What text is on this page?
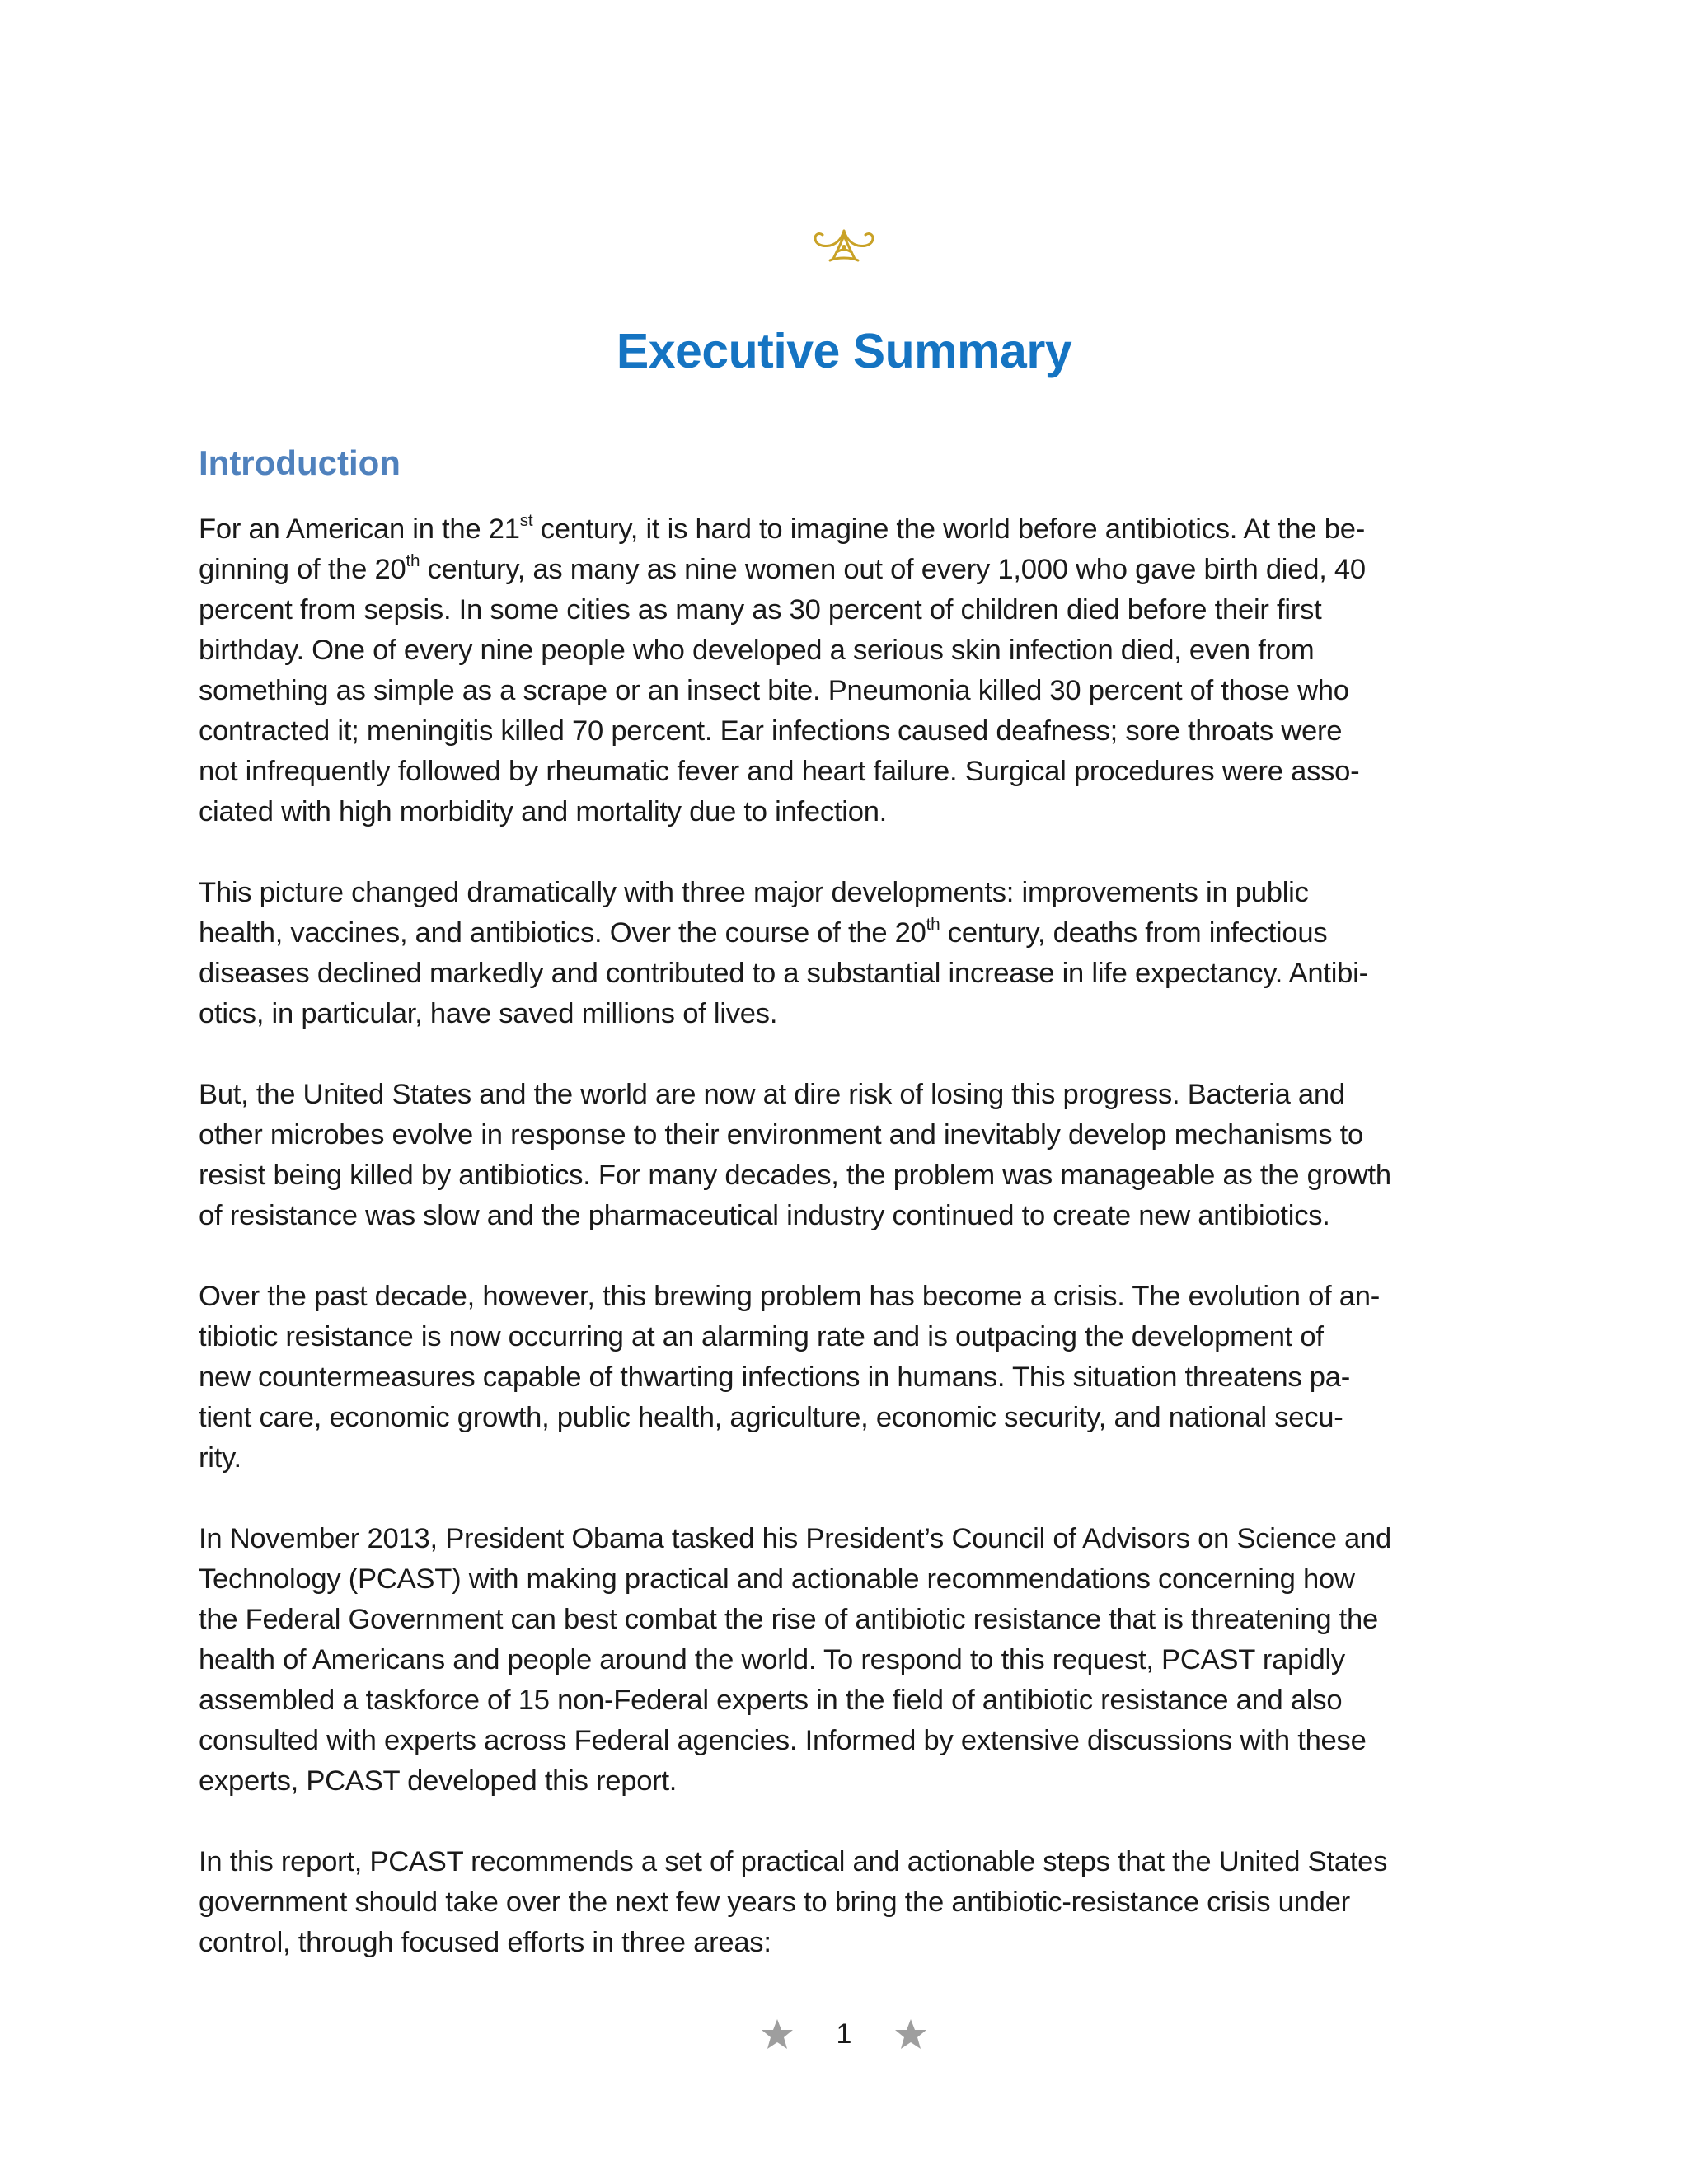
Executive Summary
Introduction
For an American in the 21st century, it is hard to imagine the world before antibiotics. At the be-
ginning of the 20th century, as many as nine women out of every 1,000 who gave birth died, 40
percent from sepsis. In some cities as many as 30 percent of children died before their first
birthday. One of every nine people who developed a serious skin infection died, even from
something as simple as a scrape or an insect bite. Pneumonia killed 30 percent of those who
contracted it; meningitis killed 70 percent. Ear infections caused deafness; sore throats were
not infrequently followed by rheumatic fever and heart failure. Surgical procedures were asso-
ciated with high morbidity and mortality due to infection.
This picture changed dramatically with three major developments: improvements in public
health, vaccines, and antibiotics. Over the course of the 20th century, deaths from infectious
diseases declined markedly and contributed to a substantial increase in life expectancy. Antibi-
otics, in particular, have saved millions of lives.
But, the United States and the world are now at dire risk of losing this progress. Bacteria and
other microbes evolve in response to their environment and inevitably develop mechanisms to
resist being killed by antibiotics. For many decades, the problem was manageable as the growth
of resistance was slow and the pharmaceutical industry continued to create new antibiotics.
Over the past decade, however, this brewing problem has become a crisis. The evolution of an-
tibiotic resistance is now occurring at an alarming rate and is outpacing the development of
new countermeasures capable of thwarting infections in humans. This situation threatens pa-
tient care, economic growth, public health, agriculture, economic security, and national secu-
rity.
In November 2013, President Obama tasked his President’s Council of Advisors on Science and
Technology (PCAST) with making practical and actionable recommendations concerning how
the Federal Government can best combat the rise of antibiotic resistance that is threatening the
health of Americans and people around the world. To respond to this request, PCAST rapidly
assembled a taskforce of 15 non-Federal experts in the field of antibiotic resistance and also
consulted with experts across Federal agencies. Informed by extensive discussions with these
experts, PCAST developed this report.
In this report, PCAST recommends a set of practical and actionable steps that the United States
government should take over the next few years to bring the antibiotic-resistance crisis under
control, through focused efforts in three areas:
1
